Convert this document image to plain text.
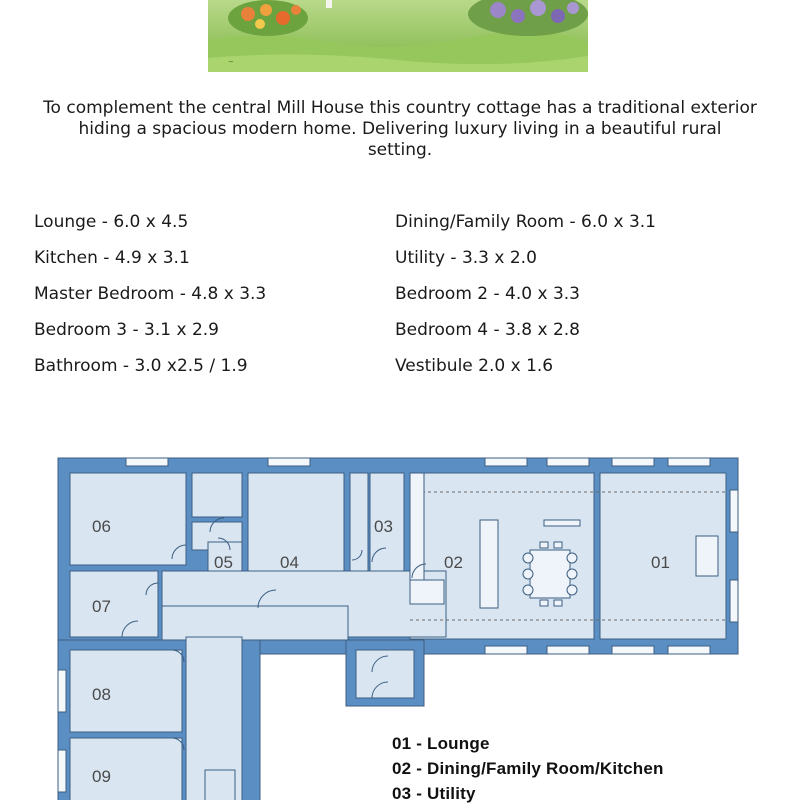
~
To complement the central Mill House this country cottage has a traditional exterior
hiding a spacious modern home. Delivering luxury living in a beautiful rural
setting.
Lounge - 6.0 x 4.5	Dining/Family Room - 6.0 x 3.1
Kitchen - 4.9 x 3.1	Utility - 3.3 x 2.0
Master Bedroom - 4.8 x 3.3	Bedroom 2 - 4.0 x 3.3
Bedroom 3 - 3.1 x 2.9	Bedroom 4 - 3.8 x 2.8
Bathroom - 3.0 x2.5 / 1.9	Vestibule 2.0 x 1.6
01
02
03
04
05
06
07
08
09
01 - Lounge
02 - Dining/Family Room/Kitchen
03 - Utility
